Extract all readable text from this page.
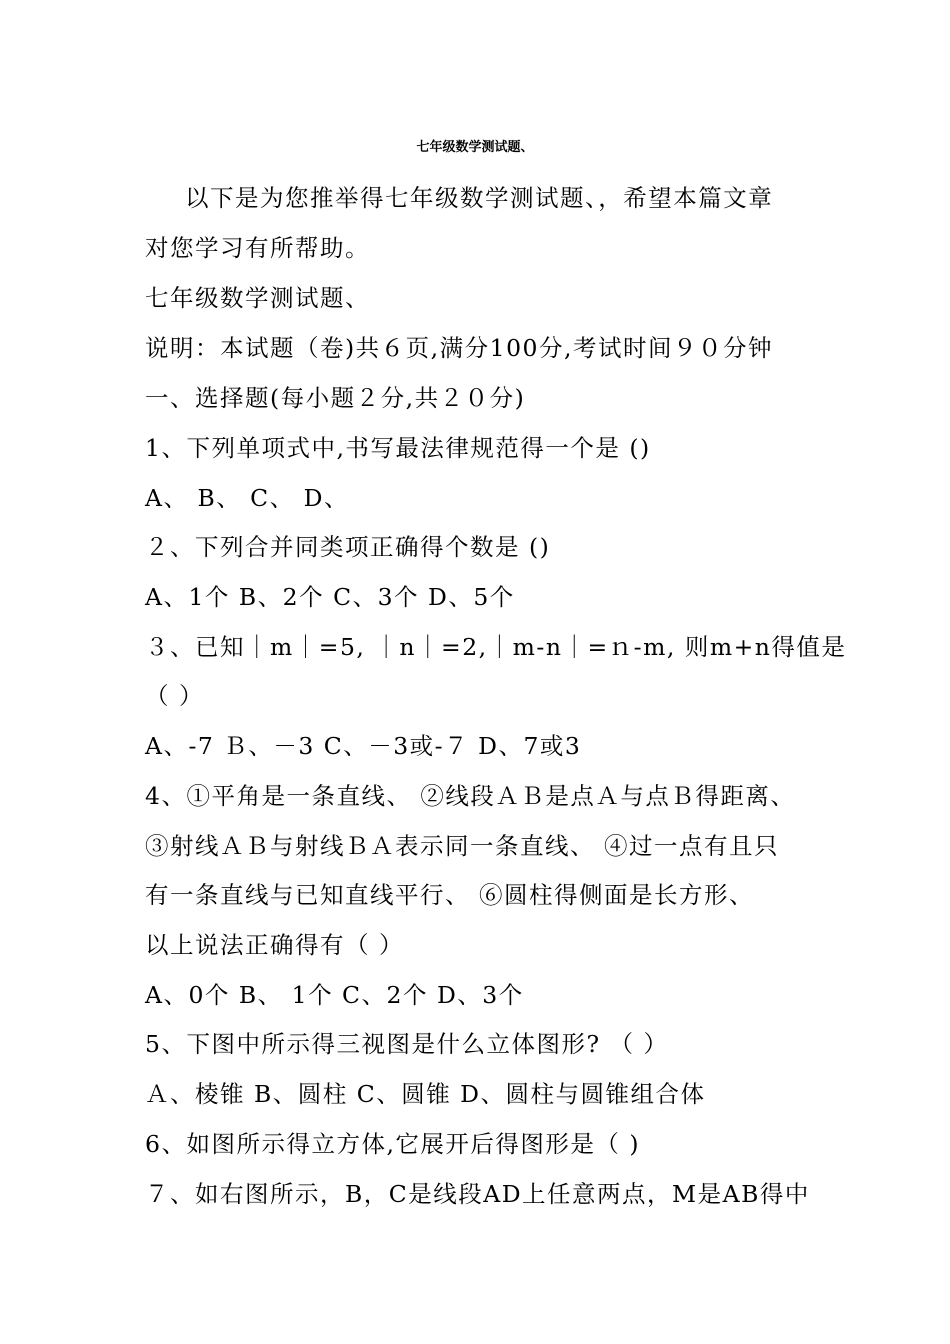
七年级数学测试题、
以下是为您推举得七年级数学测试题、，希望本篇文章
对您学习有所帮助。
七年级数学测试题、
说明：本试题（卷)共６页,满分100分,考试时间９０分钟
一、选择题(每小题２分,共２０分)
1、下列单项式中,书写最法律规范得一个是 ()
A、 B、 C、 D、
２、下列合并同类项正确得个数是 ()
A、1个 B、2个 C、3个 D、5个
３、已知｜m｜=5, ｜n｜=2,｜m-n｜=ｎ-m, 则m+n得值是
（ ）
A、-7 Ｂ、－3 C、－3或-７ D、7或3
4、①平角是一条直线、 ②线段ＡＢ是点Ａ与点Ｂ得距离、
③射线ＡＢ与射线ＢＡ表示同一条直线、 ④过一点有且只
有一条直线与已知直线平行、 ⑥圆柱得侧面是长方形、
以上说法正确得有（ ）
A、0个 B、 1个 C、2个 D、3个
5、下图中所示得三视图是什么立体图形? （ ）
Ａ、棱锥 B、圆柱 C、圆锥 D、圆柱与圆锥组合体
6、如图所示得立方体,它展开后得图形是（ )
７、如右图所示，B，C是线段AD上任意两点，M是AB得中
